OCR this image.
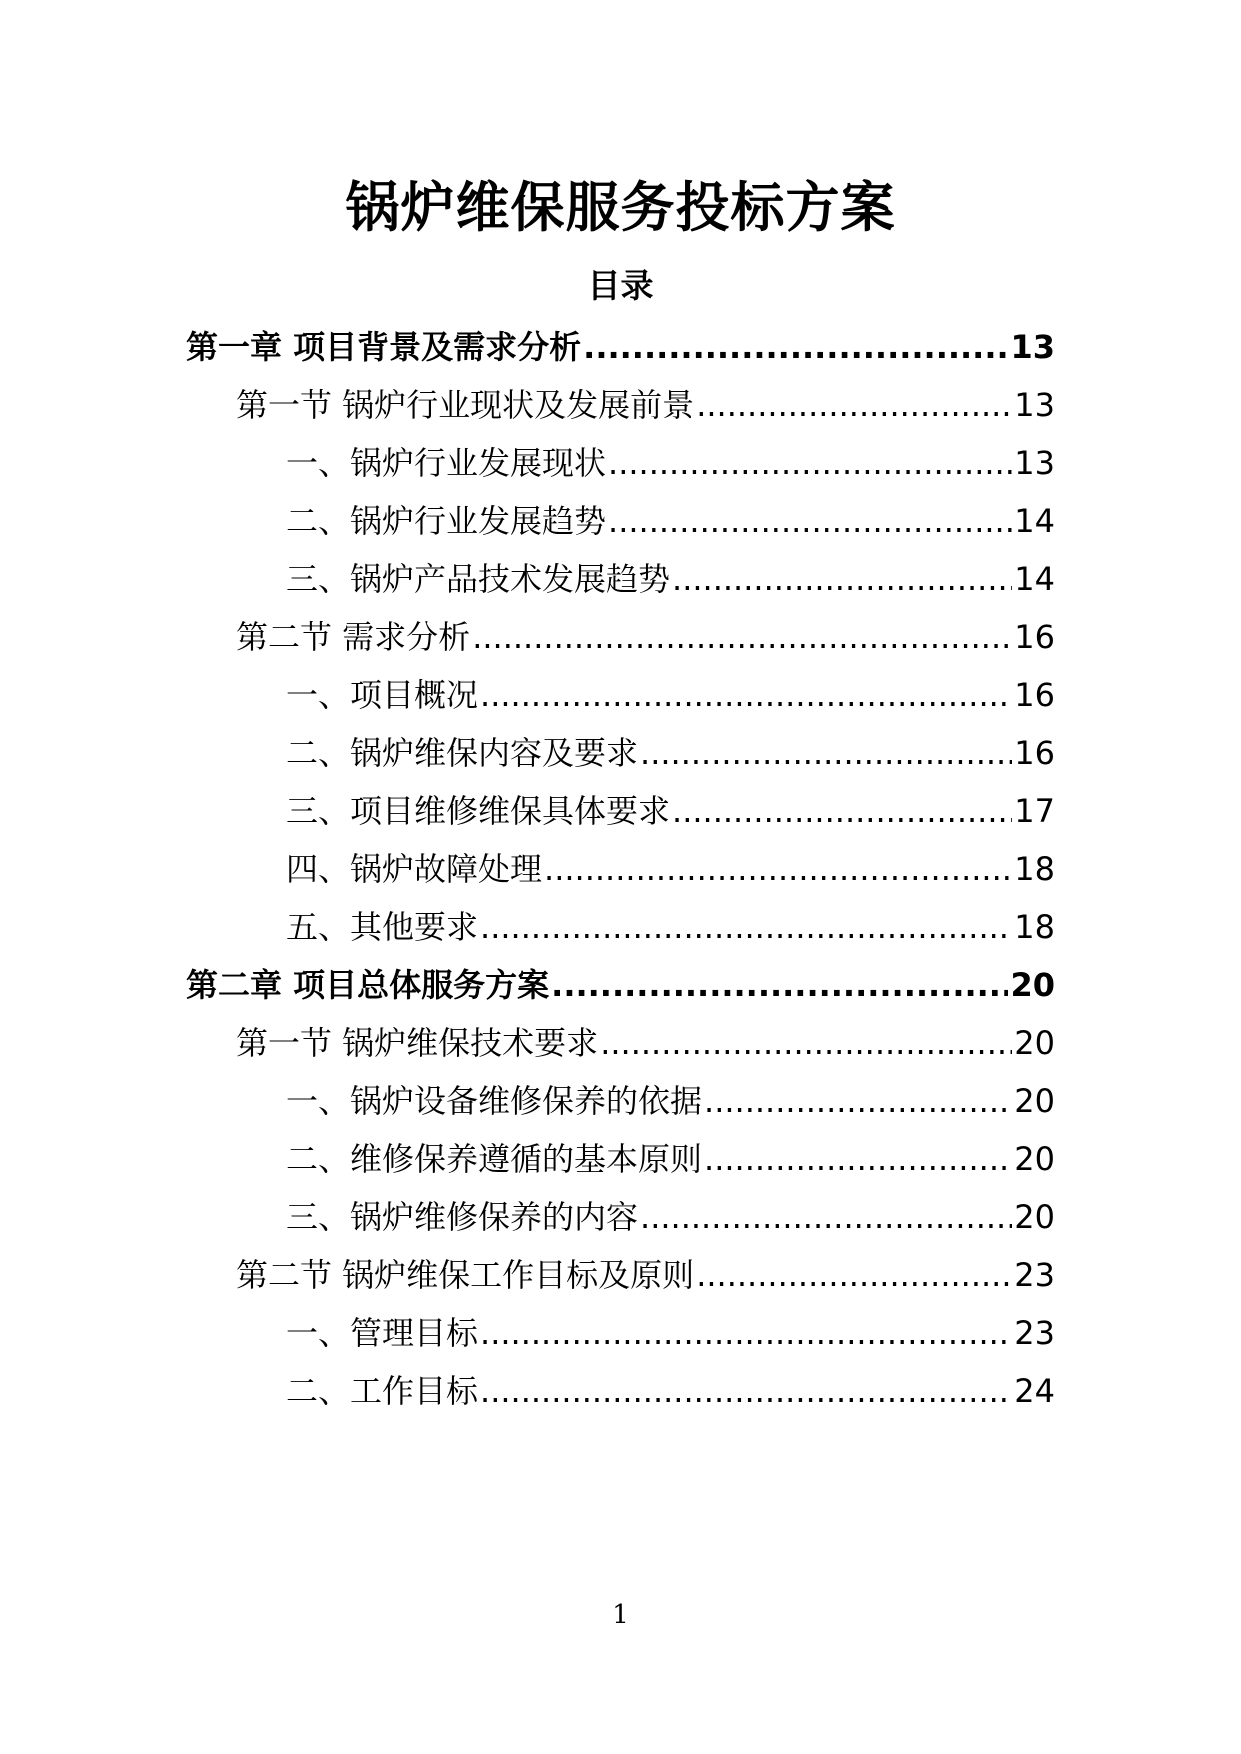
锅炉维保服务投标方案
目录
第一章 项目背景及需求分析 .....	13
第一节 锅炉行业现状及发展前景 .....	13
一、锅炉行业发展现状 .....	13
二、锅炉行业发展趋势 .....	14
三、锅炉产品技术发展趋势 .....	14
第二节 需求分析 .....	16
一、项目概况 .....	16
二、锅炉维保内容及要求 .....	16
三、项目维修维保具体要求 .....	17
四、锅炉故障处理 .....	18
五、其他要求 .....	18
第二章 项目总体服务方案 .....	20
第一节 锅炉维保技术要求 .....	20
一、锅炉设备维修保养的依据 .....	20
二、维修保养遵循的基本原则 .....	20
三、锅炉维修保养的内容 .....	20
第二节 锅炉维保工作目标及原则 .....	23
一、管理目标 .....	23
二、工作目标 .....	24
1
